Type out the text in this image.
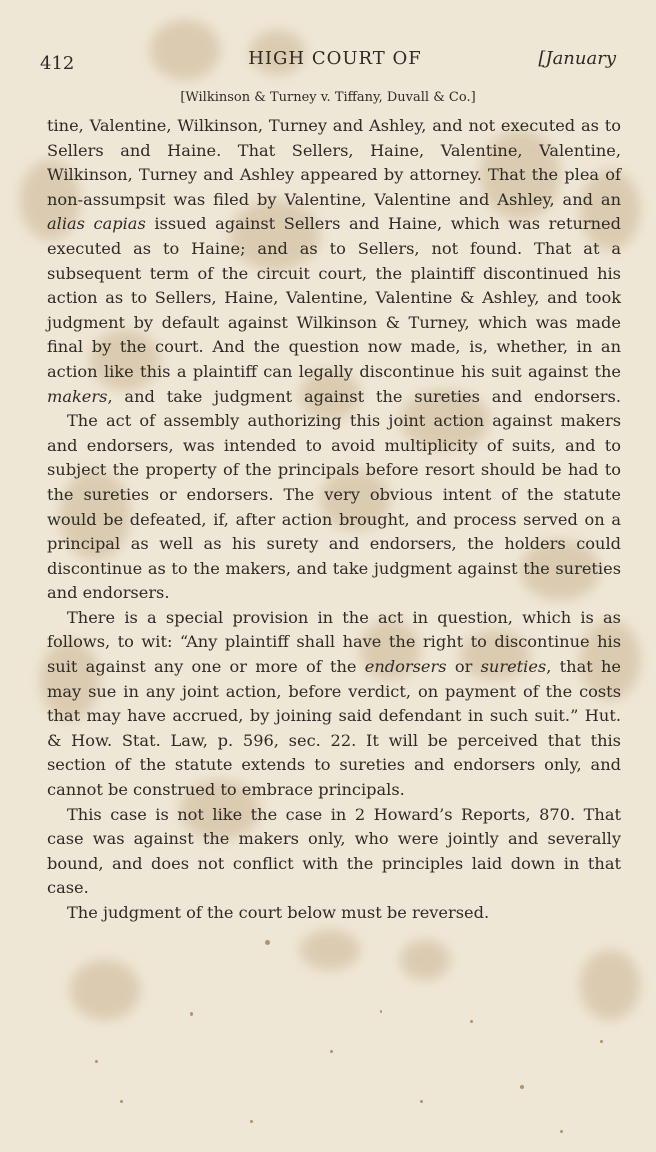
412	HIGH COURT OF	[January
[Wilkinson & Turney v. Tiffany, Duvall & Co.]

tine, Valentine, Wilkinson, Turney and Ashley, and not executed as to Sellers and Haine. That Sellers, Haine, Valentine, Valentine, Wilkinson, Turney and Ashley appeared by attorney. That the plea of non-assumpsit was filed by Valentine, Valentine and Ashley, and an alias capias issued against Sellers and Haine, which was returned executed as to Haine; and as to Sellers, not found. That at a subsequent term of the circuit court, the plaintiff discontinued his action as to Sellers, Haine, Valentine, Valentine & Ashley, and took judgment by default against Wilkinson & Turney, which was made final by the court. And the question now made, is, whether, in an action like this a plaintiff can legally discontinue his suit against the makers, and take judgment against the sureties and endorsers.

The act of assembly authorizing this joint action against makers and endorsers, was intended to avoid multiplicity of suits, and to subject the property of the principals before resort should be had to the sureties or endorsers. The very obvious intent of the statute would be defeated, if, after action brought, and process served on a principal as well as his surety and endorsers, the holders could discontinue as to the makers, and take judgment against the sureties and endorsers.

There is a special provision in the act in question, which is as follows, to wit: “Any plaintiff shall have the right to discontinue his suit against any one or more of the endorsers or sureties, that he may sue in any joint action, before verdict, on payment of the costs that may have accrued, by joining said defendant in such suit.” Hut. & How. Stat. Law, p. 596, sec. 22. It will be perceived that this section of the statute extends to sureties and endorsers only, and cannot be construed to embrace principals.

This case is not like the case in 2 Howard’s Reports, 870. That case was against the makers only, who were jointly and severally bound, and does not conflict with the principles laid down in that case.

The judgment of the court below must be reversed.
